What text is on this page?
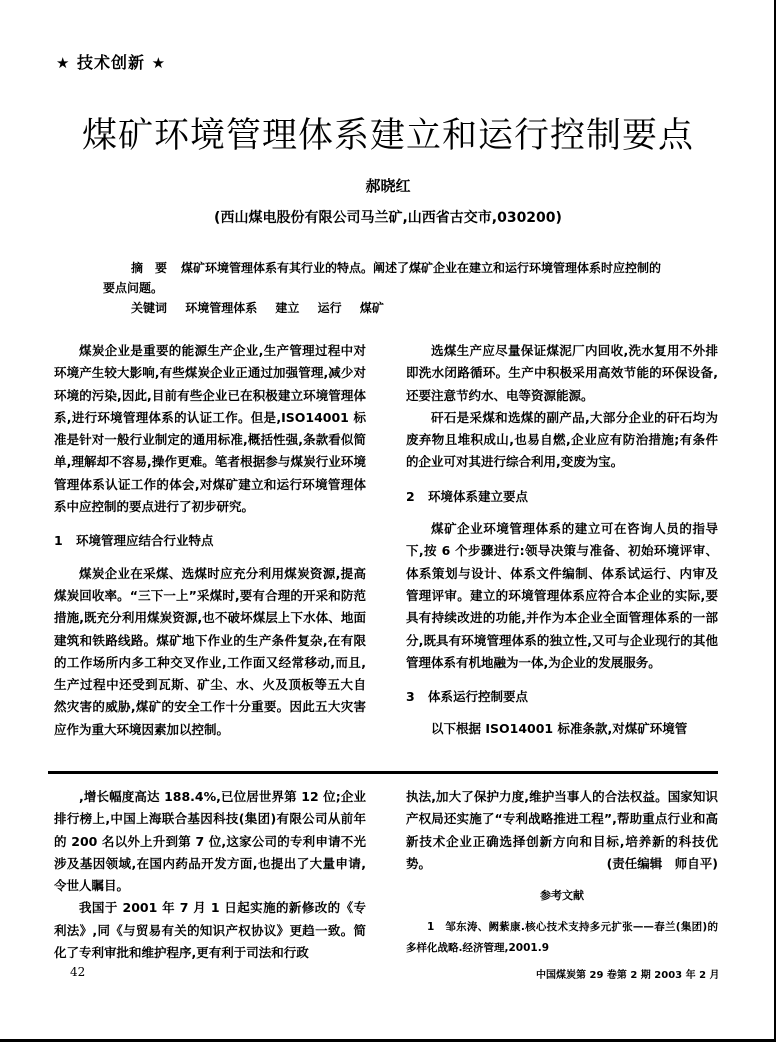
★ 技术创新 ★
煤矿环境管理体系建立和运行控制要点
郝晓红
(西山煤电股份有限公司马兰矿,山西省古交市,030200)

摘　要 煤矿环境管理体系有其行业的特点。阐述了煤矿企业在建立和运行环境管理体系时应控制的要点问题。

关键词 环境管理体系 建立 运行 煤矿

煤炭企业是重要的能源生产企业,生产管理过程中对环境产生较大影响,有些煤炭企业正通过加强管理,减少对环境的污染,因此,目前有些企业已在积极建立环境管理体系,进行环境管理体系的认证工作。但是,ISO14001 标准是针对一般行业制定的通用标准,概括性强,条款看似简单,理解却不容易,操作更难。笔者根据参与煤炭行业环境管理体系认证工作的体会,对煤矿建立和运行环境管理体系中应控制的要点进行了初步研究。

1 环境管理应结合行业特点

煤炭企业在采煤、选煤时应充分利用煤炭资源,提高煤炭回收率。“三下一上”采煤时,要有合理的开采和防范措施,既充分利用煤炭资源,也不破坏煤层上下水体、地面建筑和铁路线路。煤矿地下作业的生产条件复杂,在有限的工作场所内多工种交叉作业,工作面又经常移动,而且,生产过程中还受到瓦斯、矿尘、水、火及顶板等五大自然灾害的威胁,煤矿的安全工作十分重要。因此五大灾害应作为重大环境因素加以控制。

选煤生产应尽量保证煤泥厂内回收,洗水复用不外排即洗水闭路循环。生产中积极采用高效节能的环保设备,还要注意节约水、电等资源能源。

矸石是采煤和选煤的副产品,大部分企业的矸石均为废弃物且堆积成山,也易自燃,企业应有防治措施;有条件的企业可对其进行综合利用,变废为宝。

2 环境体系建立要点

煤矿企业环境管理体系的建立可在咨询人员的指导下,按 6 个步骤进行:领导决策与准备、初始环境评审、体系策划与设计、体系文件编制、体系试运行、内审及管理评审。建立的环境管理体系应符合本企业的实际,要具有持续改进的功能,并作为本企业全面管理体系的一部分,既具有环境管理体系的独立性,又可与企业现行的其他管理体系有机地融为一体,为企业的发展服务。

3 体系运行控制要点

以下根据 ISO14001 标准条款,对煤矿环境管

,增长幅度高达 188.4%,已位居世界第 12 位;企业排行榜上,中国上海联合基因科技(集团)有限公司从前年的 200 名以外上升到第 7 位,这家公司的专利申请不光涉及基因领域,在国内药品开发方面,也提出了大量申请,令世人瞩目。

我国于 2001 年 7 月 1 日起实施的新修改的《专利法》,同《与贸易有关的知识产权协议》更趋一致。简化了专利审批和维护程序,更有利于司法和行政

执法,加大了保护力度,维护当事人的合法权益。国家知识产权局还实施了“专利战略推进工程”,帮助重点行业和高新技术企业正确选择创新方向和目标,培养新的科技优势。	(责任编辑　师自平)

参考文献

1　 邹东涛、阙紫康.核心技术支持多元扩张——春兰(集团)的多样化战略.经济管理,2001.9

42	中国煤炭第 29 卷第 2 期 2003 年 2 月
